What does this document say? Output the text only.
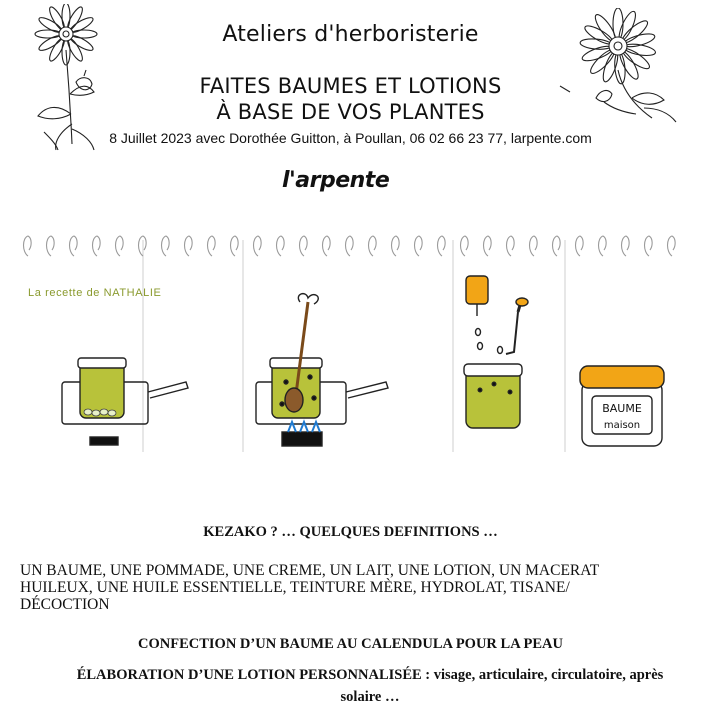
Ateliers d'herboristerie
FAITES BAUMES ET LOTIONS
À BASE DE VOS PLANTES
8 Juillet 2023 avec Dorothée Guitton, à Poullan, 06 02 66 23 77, larpente.com
l'arpente
BAUME
maison
La recette de NATHALIE
KEZAKO ? … QUELQUES DEFINITIONS …
UN BAUME, UNE POMMADE, UNE CREME, UN LAIT, UNE LOTION, UN MACERAT
HUILEUX, UNE HUILE ESSENTIELLE, TEINTURE MÈRE, HYDROLAT, TISANE/
DÉCOCTION
CONFECTION D’UN BAUME AU CALENDULA POUR LA PEAU
ÉLABORATION D’UNE LOTION PERSONNALISÉE : visage, articulaire, circulatoire, après
solaire …
